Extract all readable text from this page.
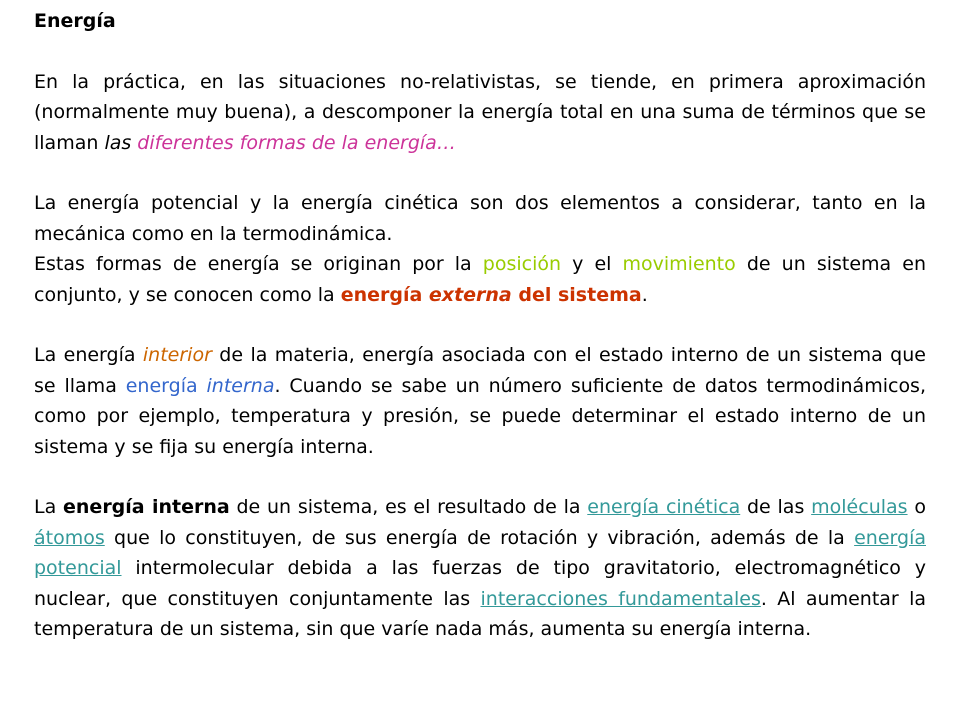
Energía

En la práctica, en las situaciones no-relativistas, se tiende, en primera aproximación (normalmente muy buena), a descomponer la energía total en una suma de términos que se llaman las diferentes formas de la energía…

La energía potencial y la energía cinética son dos elementos a considerar, tanto en la mecánica como en la termodinámica.

Estas formas de energía se originan por la posición y el movimiento de un sistema en conjunto, y se conocen como la energía externa del sistema.

La energía interior de la materia, energía asociada con el estado interno de un sistema que se llama energía interna. Cuando se sabe un número suficiente de datos termodinámicos, como por ejemplo, temperatura y presión, se puede determinar el estado interno de un sistema y se fija su energía interna.

La energía interna de un sistema, es el resultado de la energía cinética de las moléculas o átomos que lo constituyen, de sus energía de rotación y vibración, además de la energía potencial intermolecular debida a las fuerzas de tipo gravitatorio, electromagnético y nuclear, que constituyen conjuntamente las interacciones fundamentales. Al aumentar la temperatura de un sistema, sin que varíe nada más, aumenta su energía interna.
